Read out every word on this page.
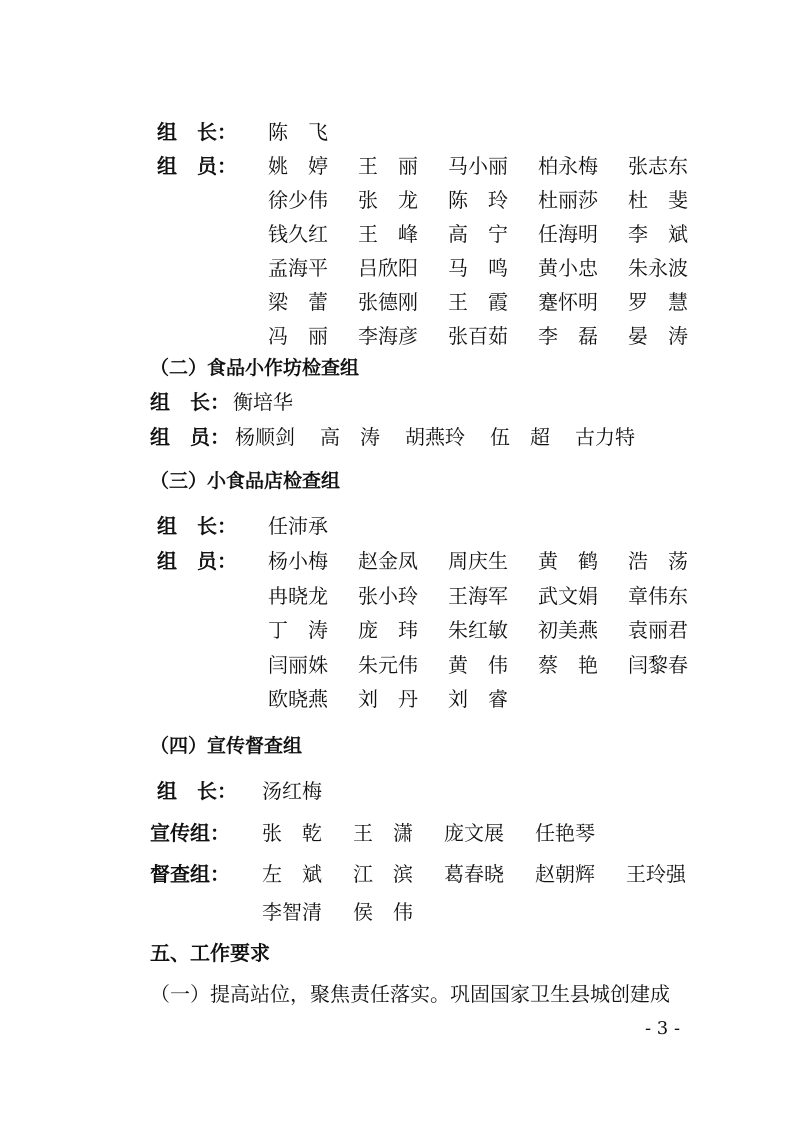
组　长： 陈　飞
组　员： 姚　婷 王　丽 马小丽 柏永梅 张志东
徐少伟 张　龙 陈　玲 杜丽莎 杜　斐
钱久红 王　峰 高　宁 任海明 李　斌
孟海平 吕欣阳 马　鸣 黄小忠 朱永波
梁　蕾 张德刚 王　霞 蹇怀明 罗　慧
冯　丽 李海彦 张百茹 李　磊 晏　涛
（二）食品小作坊检查组
组　长： 衡培华
组　员： 杨顺剑 高　涛 胡燕玲 伍　超 古力特
（三）小食品店检查组
组　长： 任沛承
组　员： 杨小梅 赵金凤 周庆生 黄　鹤 浩　荡
冉晓龙 张小玲 王海军 武文娟 章伟东
丁　涛 庞　玮 朱红敏 初美燕 袁丽君
闫丽姝 朱元伟 黄　伟 蔡　艳 闫黎春
欧晓燕 刘　丹 刘　睿
（四）宣传督查组
组　长： 汤红梅
宣传组： 张　乾 王　潇 庞文展 任艳琴
督查组： 左　斌 江　滨 葛春晓 赵朝辉 王玲强
李智清 侯　伟
五、工作要求
（一）提高站位，聚焦责任落实。巩固国家卫生县城创建成
- 3 -
